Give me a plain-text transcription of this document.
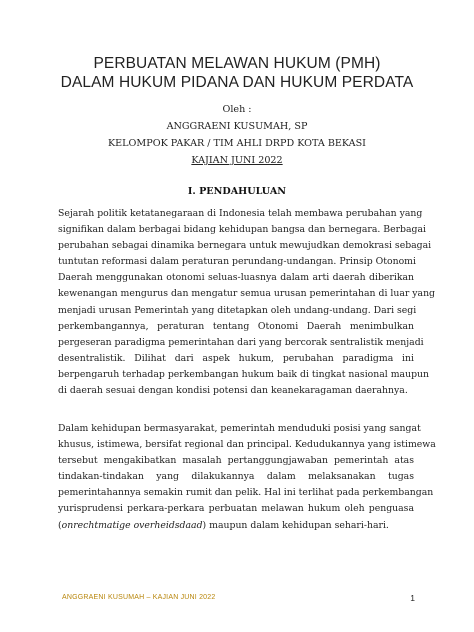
PERBUATAN MELAWAN HUKUM (PMH)
DALAM HUKUM PIDANA DAN HUKUM PERDATA
Oleh :
ANGGRAENI KUSUMAH, SP
KELOMPOK PAKAR / TIM AHLI DRPD KOTA BEKASI
KAJIAN JUNI 2022
I. PENDAHULUAN
Sejarah politik ketatanegaraan di Indonesia telah membawa perubahan yang
signifikan dalam berbagai bidang kehidupan bangsa dan bernegara. Berbagai
perubahan sebagai dinamika bernegara untuk mewujudkan demokrasi sebagai
tuntutan reformasi dalam peraturan perundang-undangan. Prinsip Otonomi
Daerah menggunakan otonomi seluas-luasnya dalam arti daerah diberikan
kewenangan mengurus dan mengatur semua urusan pemerintahan di luar yang
menjadi urusan Pemerintah yang ditetapkan oleh undang-undang. Dari segi
perkembangannya, peraturan tentang Otonomi Daerah menimbulkan
pergeseran paradigma pemerintahan dari yang bercorak sentralistik menjadi
desentralistik. Dilihat dari aspek hukum, perubahan paradigma ini
berpengaruh terhadap perkembangan hukum baik di tingkat nasional maupun
di daerah sesuai dengan kondisi potensi dan keanekaragaman daerahnya.
Dalam kehidupan bermasyarakat, pemerintah menduduki posisi yang sangat
khusus, istimewa, bersifat regional dan principal. Kedudukannya yang istimewa
tersebut mengakibatkan masalah pertanggungjawaban pemerintah atas
tindakan-tindakan yang dilakukannya dalam melaksanakan tugas
pemerintahannya semakin rumit dan pelik. Hal ini terlihat pada perkembangan
yurisprudensi perkara-perkara perbuatan melawan hukum oleh penguasa
(onrechtmatige overheidsdaad) maupun dalam kehidupan sehari-hari.
ANGGRAENI KUSUMAH – KAJIAN JUNI 2022	1
